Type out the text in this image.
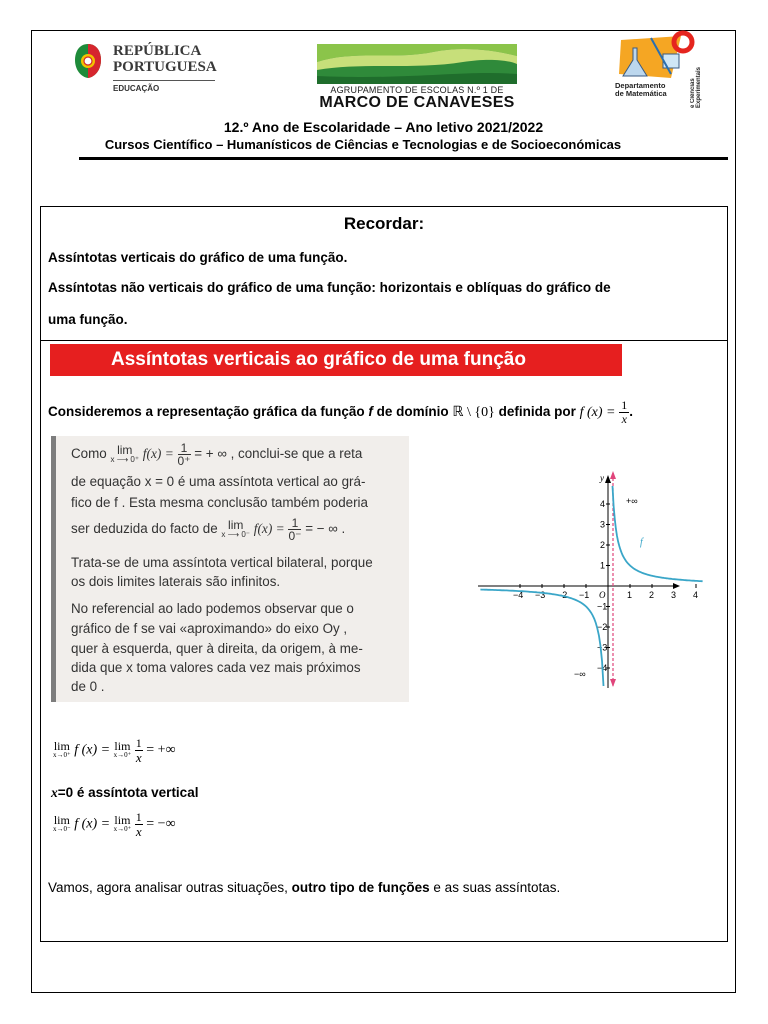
REPÚBLICA
PORTUGUESA
EDUCAÇÃO	AGRUPAMENTO DE ESCOLAS N.º 1 DE
MARCO DE CANAVESES
Departamento
de Matemática	e Ciências Experimentais
12.º Ano de Escolaridade – Ano letivo 2021/2022
Cursos Científico – Humanísticos de Ciências e Tecnologias e de Socioeconómicas
Recordar:
Assíntotas verticais do gráfico de uma função.
Assíntotas não verticais do gráfico de uma função: horizontais e oblíquas do gráfico de
uma função.
Assíntotas verticais ao gráfico de uma função
Consideremos a representação gráfica da função f de domínio ℝ \ {0} definida por f $(x) = \frac{1}{x}$ .
Como lim
x ⟶ 0⁺ $f(x) = \frac{1}{0^+}$ = + ∞ , conclui-se que a reta
de equação x = 0 é uma assíntota vertical ao grá-
fico de f . Esta mesma conclusão também poderia
ser deduzida do facto de lim
x ⟶ 0⁻ $f(x) = \frac{1}{0^-}$ = − ∞ .
Trata-se de uma assíntota vertical bilateral, porque
os dois limites laterais são infinitos.
No referencial ao lado podemos observar que o
gráfico de f se vai «aproximando» do eixo Oy ,
quer à esquerda, quer à direita, da origem, à me-
dida que x toma valores cada vez mais próximos
de 0 .
−4 −3 −2 −1	1 2 3 4
4
3
2
1
−1
−2
−3
−4
y
O
+∞
−∞
f
lim
x→0⁺ f (x) = lim
x→0⁺
$\frac{1}{x}$ = +∞
x=0 é assíntota vertical
lim
x→0⁻ f (x) = lim
x→0⁺
$\frac{1}{x}$ = −∞
Vamos, agora analisar outras situações, outro tipo de funções e as suas assíntotas.
